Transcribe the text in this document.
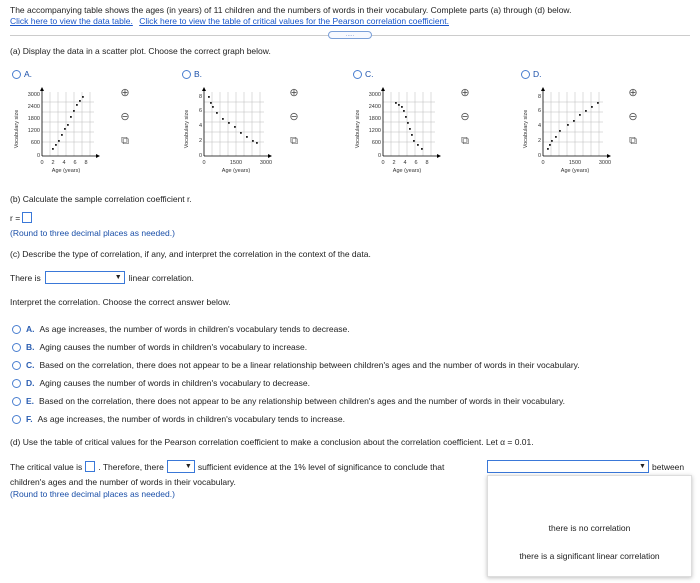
The accompanying table shows the ages (in years) of 11 children and the numbers of words in their vocabulary. Complete parts (a) through (d) below.
Click here to view the data table. Click here to view the table of critical values for the Pearson correlation coefficient.
.....
(a) Display the data in a scatter plot. Choose the correct graph below.
A.	B.	C.	D.
Vocabulary size
3000
2400
1800
1200
600
0
0 2 4 6 8
Age (years)
Vocabulary size
8
6
4
2
0
0	1500	3000
Age (years)
Vocabulary size
3000
2400
1800
1200
600
0
0 2 4 6 8
Age (years)
Vocabulary size
8
6
4
2
0
0	1500	3000
Age (years)
⊕
⊖
⧉
⊕
⊖
⧉
⊕
⊖
⧉
⊕
⊖
⧉
(b) Calculate the sample correlation coefficient r.
r =
(Round to three decimal places as needed.)
(c) Describe the type of correlation, if any, and interpret the correlation in the context of the data.
There is	▼ linear correlation.
Interpret the correlation. Choose the correct answer below.
A. As age increases, the number of words in children's vocabulary tends to decrease.
B. Aging causes the number of words in children's vocabulary to increase.
C. Based on the correlation, there does not appear to be a linear relationship between children's ages and the number of words in their vocabulary.
D. Aging causes the number of words in children's vocabulary to decrease.
E. Based on the correlation, there does not appear to be any relationship between children's ages and the number of words in their vocabulary.
F. As age increases, the number of words in children's vocabulary tends to increase.
(d) Use the table of critical values for the Pearson correlation coefficient to make a conclusion about the correlation coefficient. Let α = 0.01.
The critical value is . Therefore, there	▼ sufficient evidence at the 1% level of significance to conclude that	▼ between
children's ages and the number of words in their vocabulary.
(Round to three decimal places as needed.)
there is no correlation
there is a significant linear correlation
